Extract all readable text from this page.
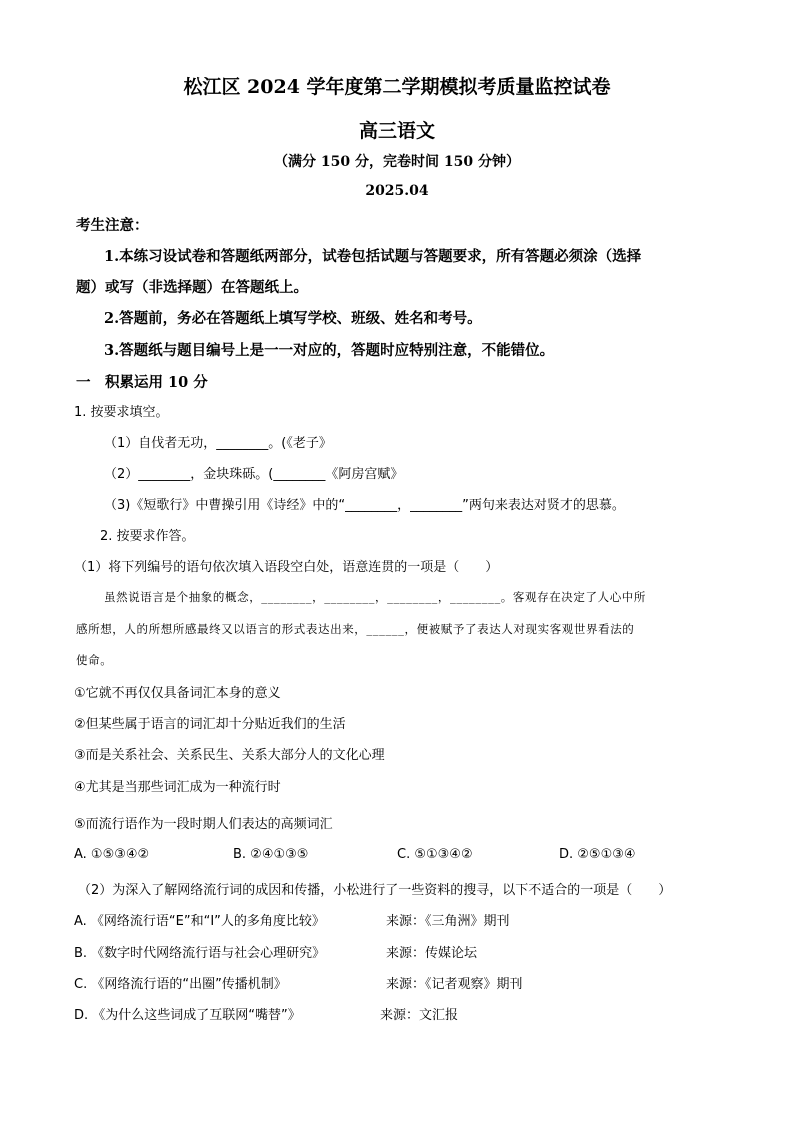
松江区 2024 学年度第二学期模拟考质量监控试卷
高三语文
（满分 150 分，完卷时间 150 分钟）
2025.04
考生注意：
1.本练习设试卷和答题纸两部分，试卷包括试题与答题要求，所有答题必须涂（选择
题）或写（非选择题）在答题纸上。
2.答题前，务必在答题纸上填写学校、班级、姓名和考号。
3.答题纸与题目编号上是一一对应的，答题时应特别注意，不能错位。
一　积累运用 10 分
1. 按要求填空。
（1）自伐者无功，________。(《老子》
（2）________，金块珠砾。(________《阿房宫赋》
（3)《短歌行》中曹操引用《诗经》中的“________，________”两句来表达对贤才的思慕。
2. 按要求作答。
（1）将下列编号的语句依次填入语段空白处，语意连贯的一项是（　　）
虽然说语言是个抽象的概念，________，________，________，________。客观存在决定了人心中所
感所想，人的所想所感最终又以语言的形式表达出来，______，便被赋予了表达人对现实客观世界看法的
使命。
①它就不再仅仅具备词汇本身的意义
②但某些属于语言的词汇却十分贴近我们的生活
③而是关系社会、关系民生、关系大部分人的文化心理
④尤其是当那些词汇成为一种流行时
⑤而流行语作为一段时期人们表达的高频词汇
A. ①⑤③④②	B. ②④①③⑤	C. ⑤①③④②	D. ②⑤①③④
（2）为深入了解网络流行词的成因和传播，小松进行了一些资料的搜寻，以下不适合的一项是（　　）
A. 《网络流行语“E”和“I”人的多角度比较》	来源：《三角洲》期刊
B. 《数字时代网络流行语与社会心理研究》	来源：传媒论坛
C. 《网络流行语的“出圈”传播机制》	来源：《记者观察》期刊
D. 《为什么这些词成了互联网“嘴替”》	来源：文汇报
